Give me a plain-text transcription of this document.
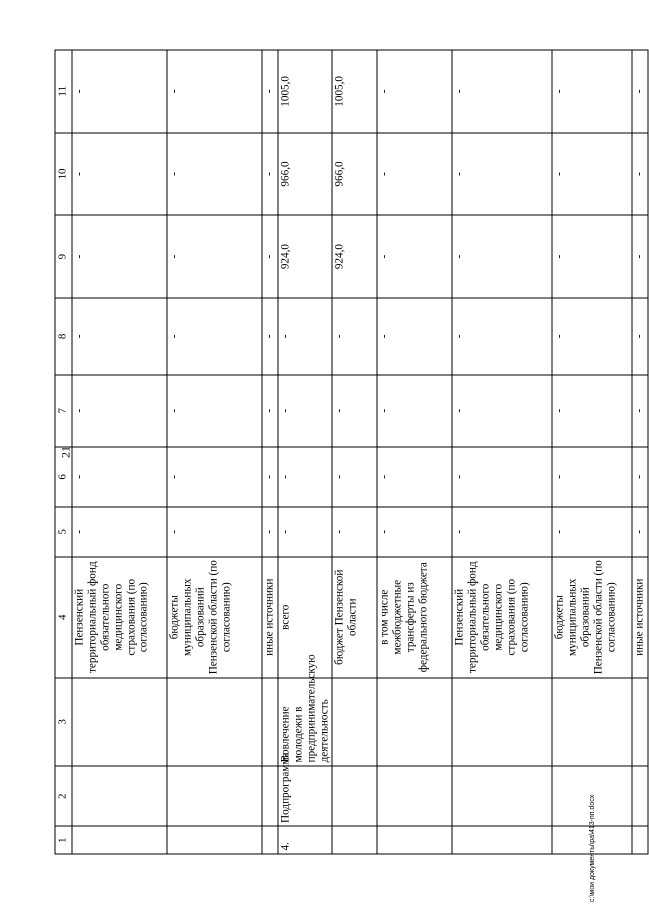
21
1	2	3	4	5	6	7	8	9	10	11
			Пензенский территориальный фонд обязательного медицинского страхования (по согласованию)	-	-	-	-	-	-	-
			бюджеты муниципальных образований Пензенской области (по согласованию)	-	-	-	-	-	-	-
			иные источники	-	-	-	-	-	-	-
4.	Подпрограмма	Вовлечение молодежи в предпринимательскую деятельность	всего	-	-	-	-	924,0	966,0	1005,0
			бюджет Пензенской области	-	-	-	-	924,0	966,0	1005,0
			в том числе межбюджетные трансферты из федерального бюджета	-	-	-	-	-	-	-
			Пензенский территориальный фонд обязательного медицинского страхования (по согласованию)	-	-	-	-	-	-	-
			бюджеты муниципальных образований Пензенской области (по согласованию)	-	-	-	-	-	-	-
			иные источники	-	-	-	-	-	-	-
с:\мои документы\ра\413-пп.docx
